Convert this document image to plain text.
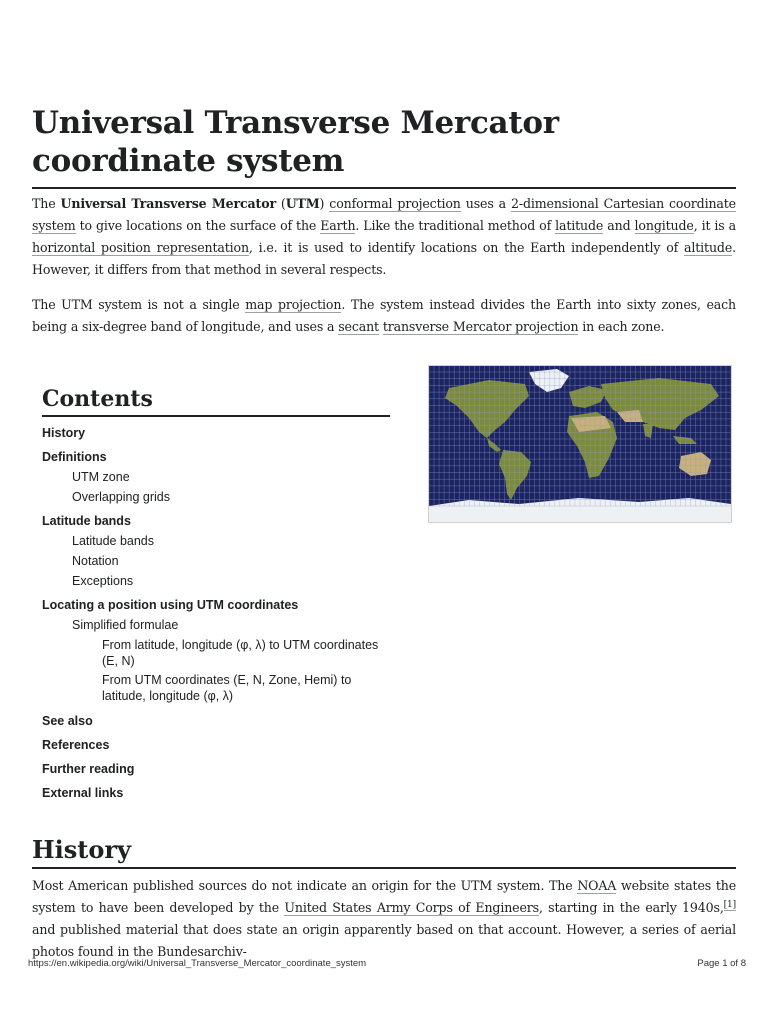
Universal Transverse Mercator
coordinate system

The Universal Transverse Mercator (UTM) conformal projection uses a 2-dimensional Cartesian coordinate system to give locations on the surface of the Earth. Like the traditional method of latitude and longitude, it is a horizontal position representation, i.e. it is used to identify locations on the Earth independently of altitude. However, it differs from that method in several respects.

The UTM system is not a single map projection. The system instead divides the Earth into sixty zones, each being a six-degree band of longitude, and uses a secant transverse Mercator projection in each zone.

Contents
History
Definitions
UTM zone
Overlapping grids
Latitude bands
Latitude bands
Notation
Exceptions
Locating a position using UTM coordinates
Simplified formulae
From latitude, longitude (φ, λ) to UTM coordinates (E, N)
From UTM coordinates (E, N, Zone, Hemi) to latitude, longitude (φ, λ)
See also
References
Further reading
External links
History

Most American published sources do not indicate an origin for the UTM system. The NOAA website states the system to have been developed by the United States Army Corps of Engineers, starting in the early 1940s,[1] and published material that does state an origin apparently based on that account. However, a series of aerial photos found in the Bundesarchiv-

https://en.wikipedia.org/wiki/Universal_Transverse_Mercator_coordinate_system	Page 1 of 8
